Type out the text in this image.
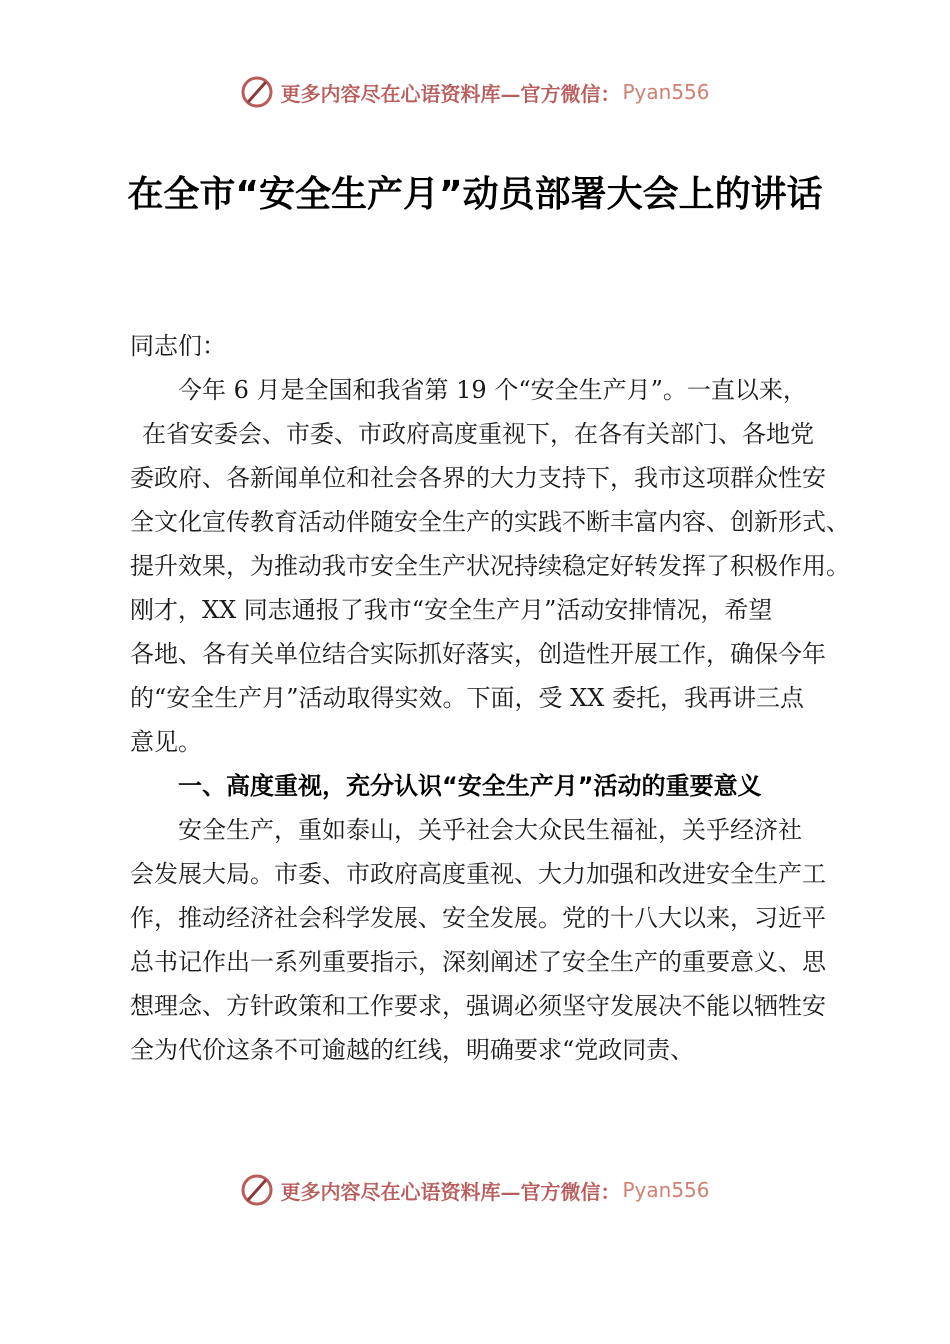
更多内容尽在心语资料库—官方微信： Pyan556
在全市“安全生产月”动员部署大会上的讲话
同志们：
今年 6 月是全国和我省第 19 个“安全生产月”。一直以来，
在省安委会、市委、市政府高度重视下，在各有关部门、各地党
委政府、各新闻单位和社会各界的大力支持下，我市这项群众性安
全文化宣传教育活动伴随安全生产的实践不断丰富内容、创新形式、
提升效果，为推动我市安全生产状况持续稳定好转发挥了积极作用。
刚才，XX 同志通报了我市“安全生产月”活动安排情况，希望
各地、各有关单位结合实际抓好落实，创造性开展工作，确保今年
的“安全生产月”活动取得实效。下面，受 XX 委托，我再讲三点
意见。
一、高度重视，充分认识“安全生产月”活动的重要意义
安全生产，重如泰山，关乎社会大众民生福祉，关乎经济社
会发展大局。市委、市政府高度重视、大力加强和改进安全生产工
作，推动经济社会科学发展、安全发展。党的十八大以来，习近平
总书记作出一系列重要指示，深刻阐述了安全生产的重要意义、思
想理念、方针政策和工作要求，强调必须坚守发展决不能以牺牲安
全为代价这条不可逾越的红线，明确要求“党政同责、
更多内容尽在心语资料库—官方微信： Pyan556
